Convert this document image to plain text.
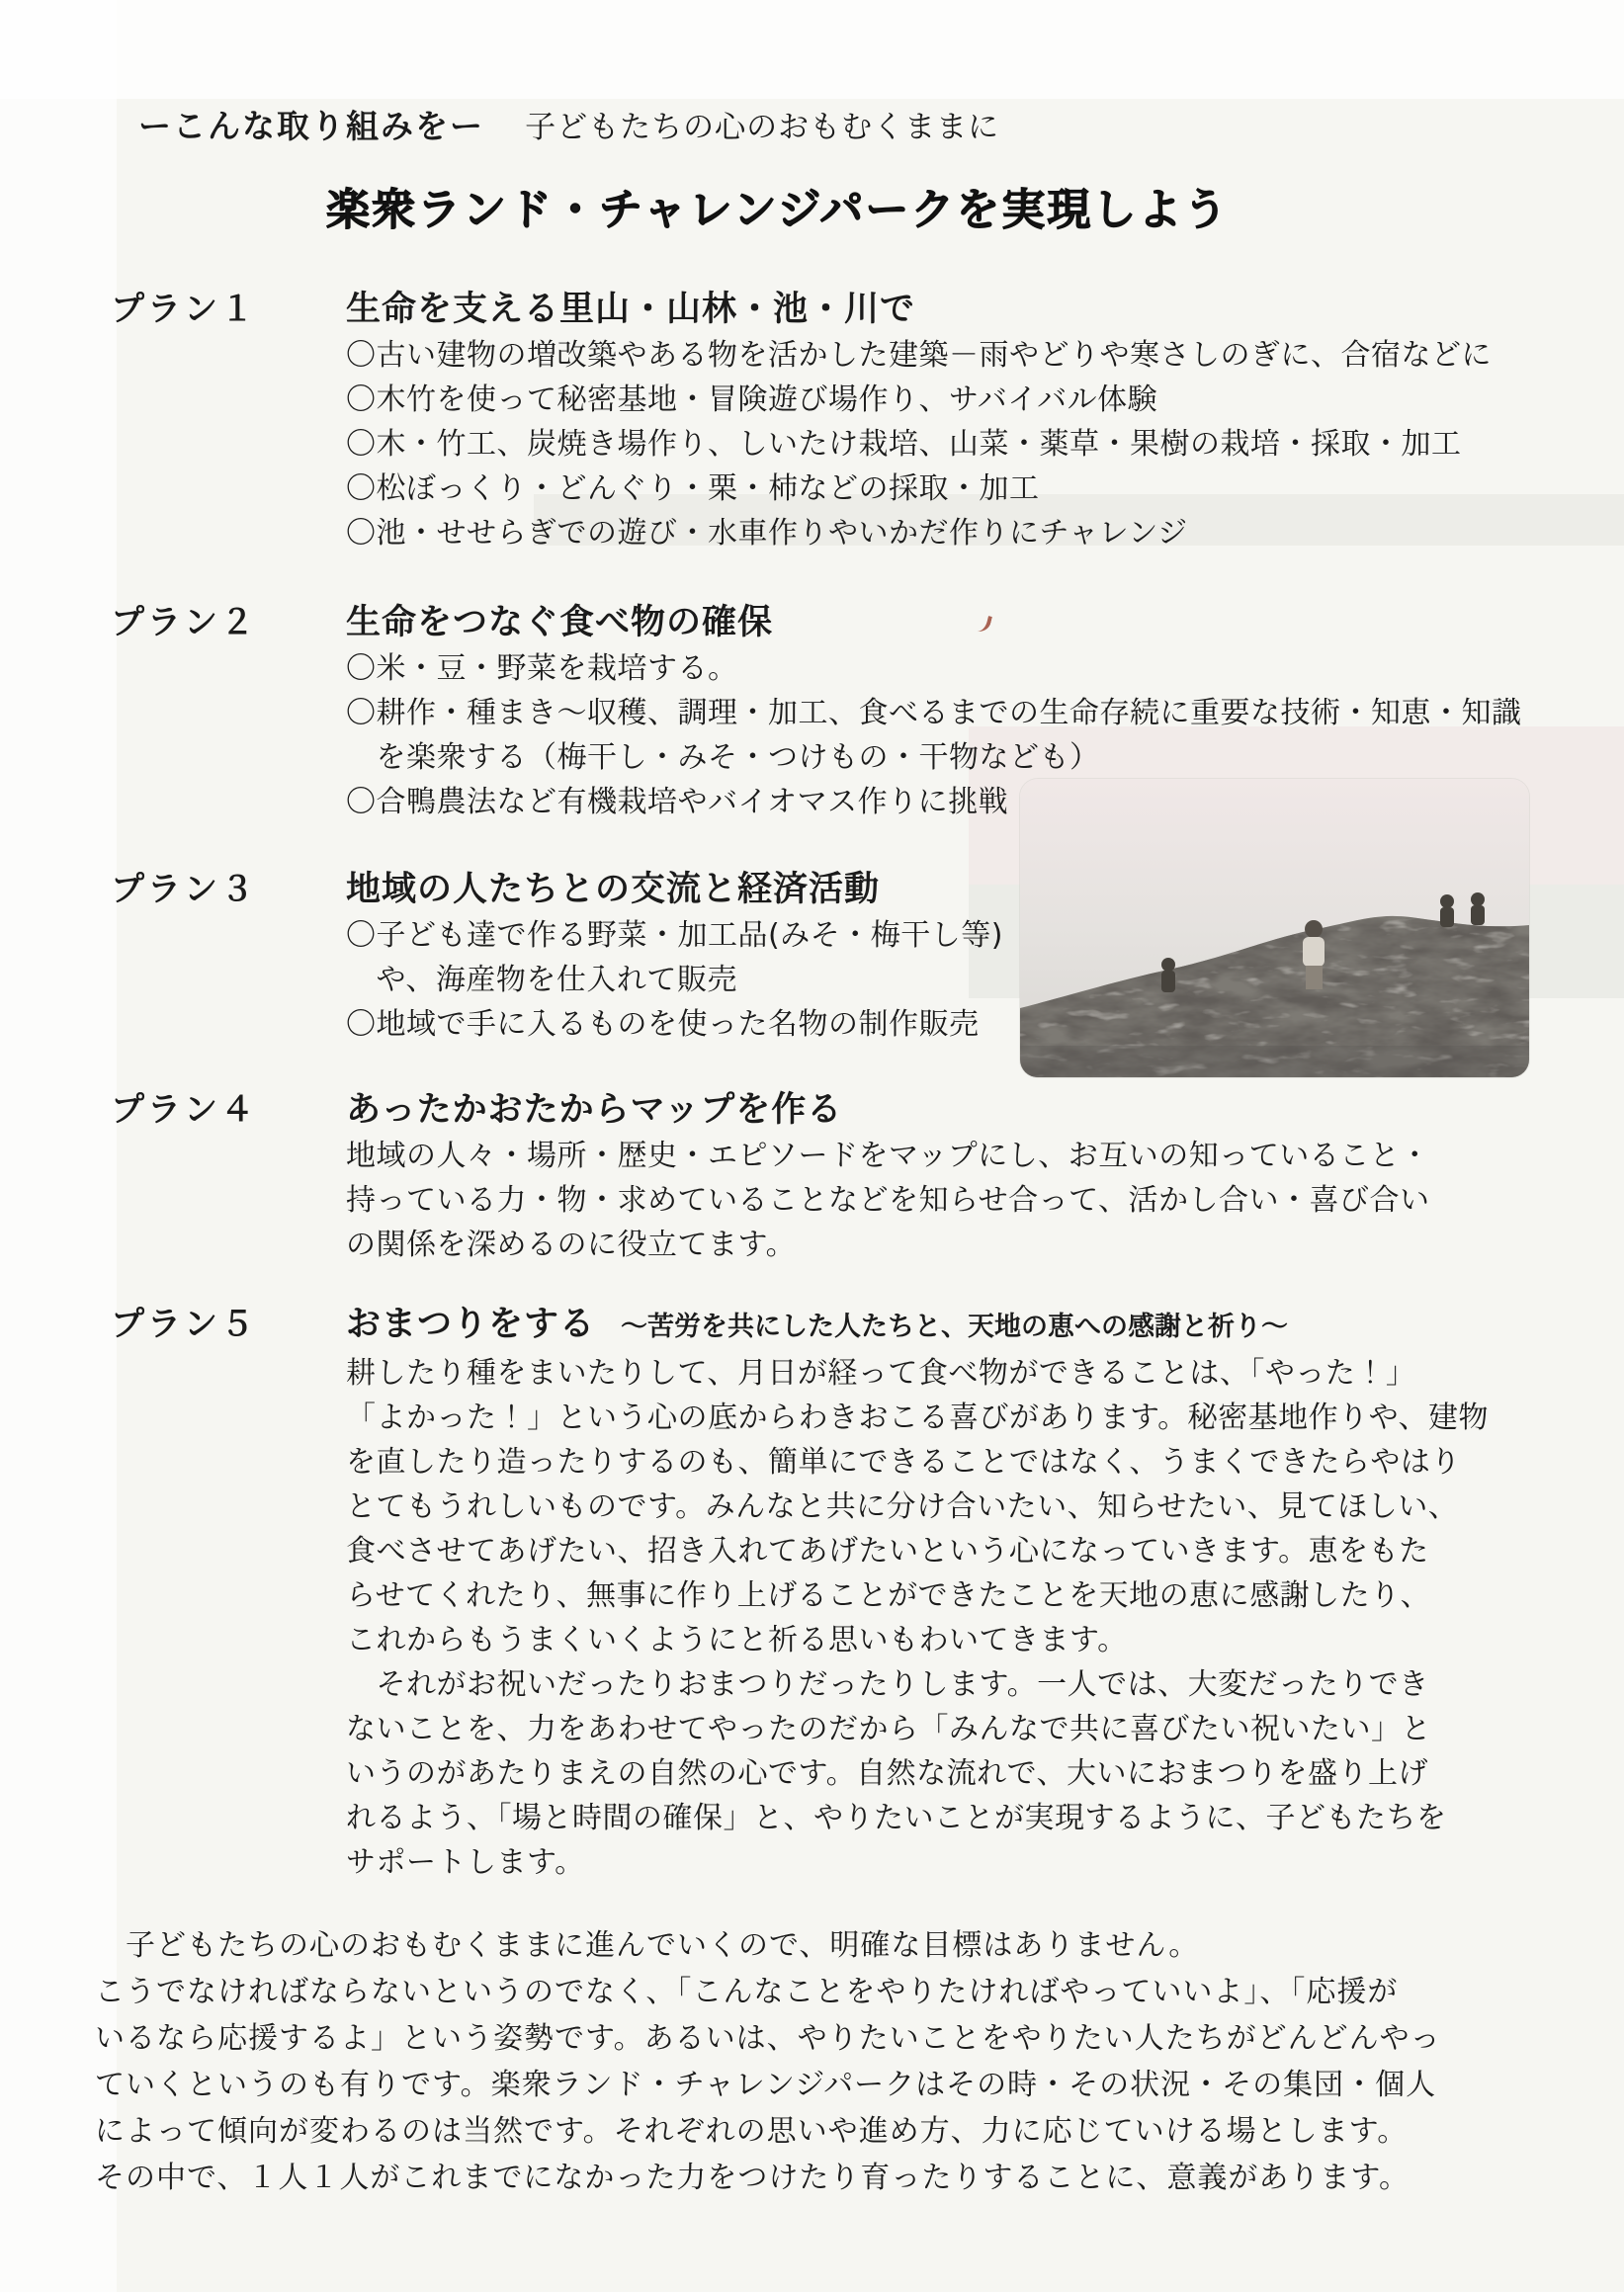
ーこんな取り組みをー 子どもたちの心のおもむくままに
楽衆ランド・チャレンジパークを実現しよう
プラン１	生命を支える里山・山林・池・川で
〇古い建物の増改築やある物を活かした建築－雨やどりや寒さしのぎに、合宿などに
〇木竹を使って秘密基地・冒険遊び場作り、サバイバル体験
〇木・竹工、炭焼き場作り、しいたけ栽培、山菜・薬草・果樹の栽培・採取・加工
〇松ぼっくり・どんぐり・栗・柿などの採取・加工
〇池・せせらぎでの遊び・水車作りやいかだ作りにチャレンジ
プラン２	生命をつなぐ食べ物の確保
〇米・豆・野菜を栽培する。
〇耕作・種まき～収穫、調理・加工、食べるまでの生命存続に重要な技術・知恵・知識
　を楽衆する（梅干し・みそ・つけもの・干物なども）
〇合鴨農法など有機栽培やバイオマス作りに挑戦
プラン３	地域の人たちとの交流と経済活動
〇子ども達で作る野菜・加工品(みそ・梅干し等)
　や、海産物を仕入れて販売
〇地域で手に入るものを使った名物の制作販売
プラン４	あったかおたからマップを作る
地域の人々・場所・歴史・エピソードをマップにし、お互いの知っていること・
持っている力・物・求めていることなどを知らせ合って、活かし合い・喜び合い
の関係を深めるのに役立てます。
プラン５	おまつりをする ～苦労を共にした人たちと、天地の恵への感謝と祈り～
耕したり種をまいたりして、月日が経って食べ物ができることは、「やった！」
「よかった！」という心の底からわきおこる喜びがあります。秘密基地作りや、建物
を直したり造ったりするのも、簡単にできることではなく、うまくできたらやはり
とてもうれしいものです。みんなと共に分け合いたい、知らせたい、見てほしい、
食べさせてあげたい、招き入れてあげたいという心になっていきます。恵をもた
らせてくれたり、無事に作り上げることができたことを天地の恵に感謝したり、
これからもうまくいくようにと祈る思いもわいてきます。
　それがお祝いだったりおまつりだったりします。一人では、大変だったりでき
ないことを、力をあわせてやったのだから「みんなで共に喜びたい祝いたい」と
いうのがあたりまえの自然の心です。自然な流れで、大いにおまつりを盛り上げ
れるよう、「場と時間の確保」と、やりたいことが実現するように、子どもたちを
サポートします。
　子どもたちの心のおもむくままに進んでいくので、明確な目標はありません。
こうでなければならないというのでなく、「こんなことをやりたければやっていいよ」、「応援が
いるなら応援するよ」という姿勢です。あるいは、やりたいことをやりたい人たちがどんどんやっ
ていくというのも有りです。楽衆ランド・チャレンジパークはその時・その状況・その集団・個人
によって傾向が変わるのは当然です。それぞれの思いや進め方、力に応じていける場とします。
その中で、１人１人がこれまでになかった力をつけたり育ったりすることに、意義があります。
